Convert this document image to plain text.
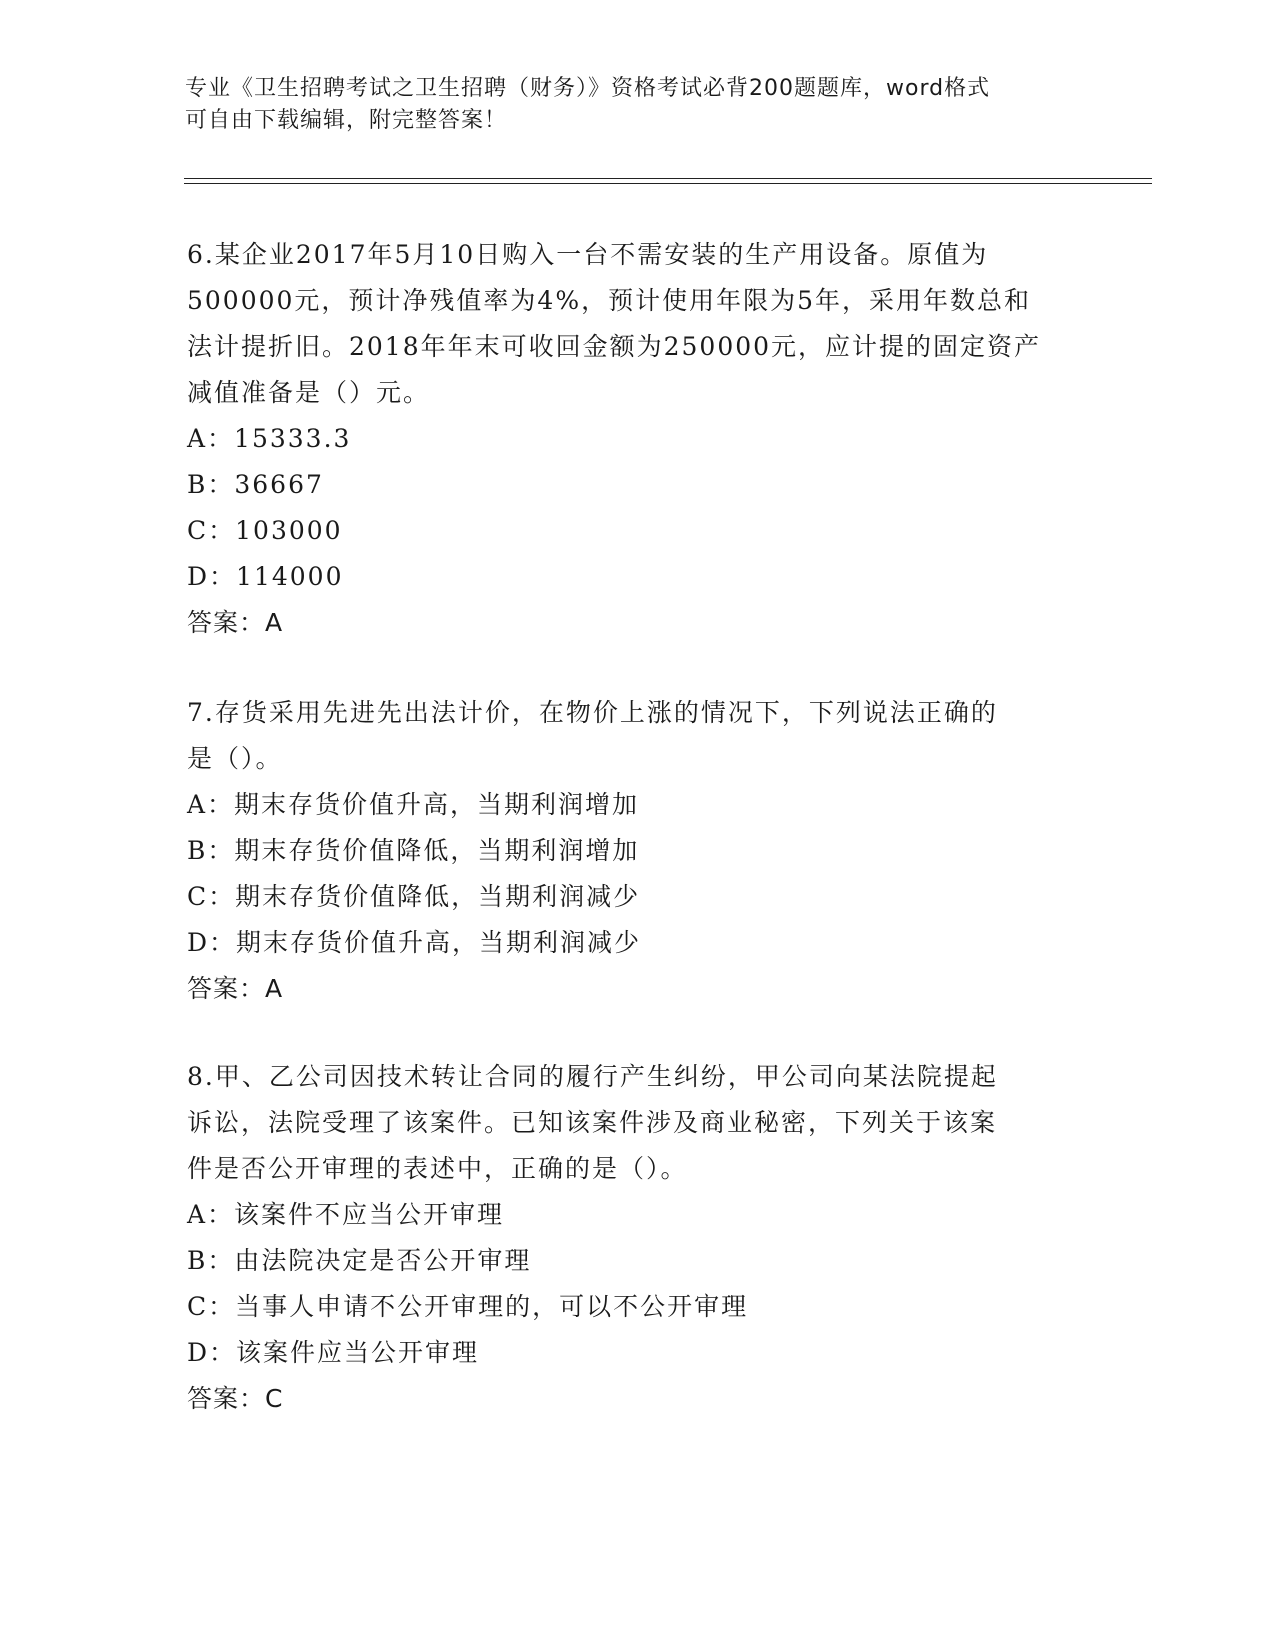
专业《卫生招聘考试之卫生招聘（财务）》资格考试必背200题题库，word格式
可自由下载编辑，附完整答案！
6.某企业2017年5月10日购入一台不需安装的生产用设备。原值为
500000元，预计净残值率为4%，预计使用年限为5年，采用年数总和
法计提折旧。2018年年末可收回金额为250000元，应计提的固定资产
减值准备是（）元。
A：15333.3
B：36667
C：103000
D：114000
答案：A
7.存货采用先进先出法计价，在物价上涨的情况下，下列说法正确的
是（）。
A：期末存货价值升高，当期利润增加
B：期末存货价值降低，当期利润增加
C：期末存货价值降低，当期利润减少
D：期末存货价值升高，当期利润减少
答案：A
8.甲、乙公司因技术转让合同的履行产生纠纷，甲公司向某法院提起
诉讼，法院受理了该案件。已知该案件涉及商业秘密，下列关于该案
件是否公开审理的表述中，正确的是（）。
A：该案件不应当公开审理
B：由法院决定是否公开审理
C：当事人申请不公开审理的，可以不公开审理
D：该案件应当公开审理
答案：C
